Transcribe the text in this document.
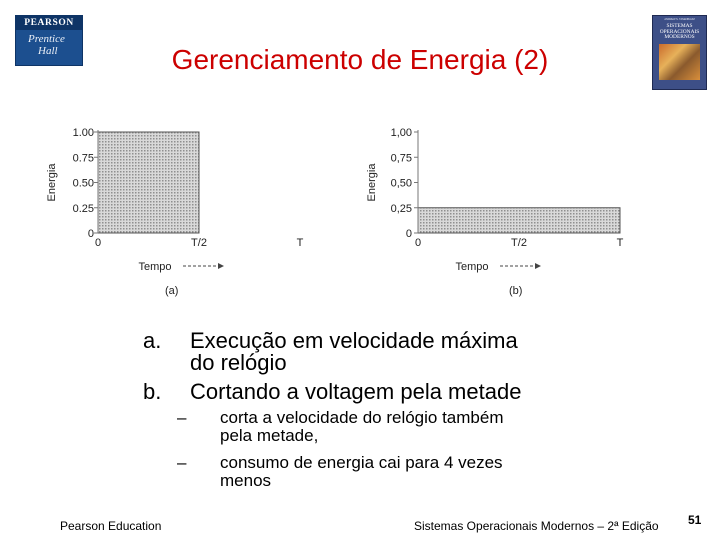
PEARSON
Prentice
Hall
ANDREW S. TANENBAUM
SISTEMAS OPERACIONAIS MODERNOS
Gerenciamento de Energia (2)
0
0.25
0.50
0.75
1.00
0	T/2	T
Energia
Tempo
(a)
0
0,25
0,50
0,75
1,00
0	T/2	T
Energia
Tempo
(b)
a. Execução em velocidade máxima
do relógio
b. Cortando a voltagem pela metade
– corta a velocidade do relógio também
pela metade,
– consumo de energia cai para 4 vezes
menos
Pearson Education	Sistemas Operacionais Modernos – 2ª Edição 51
